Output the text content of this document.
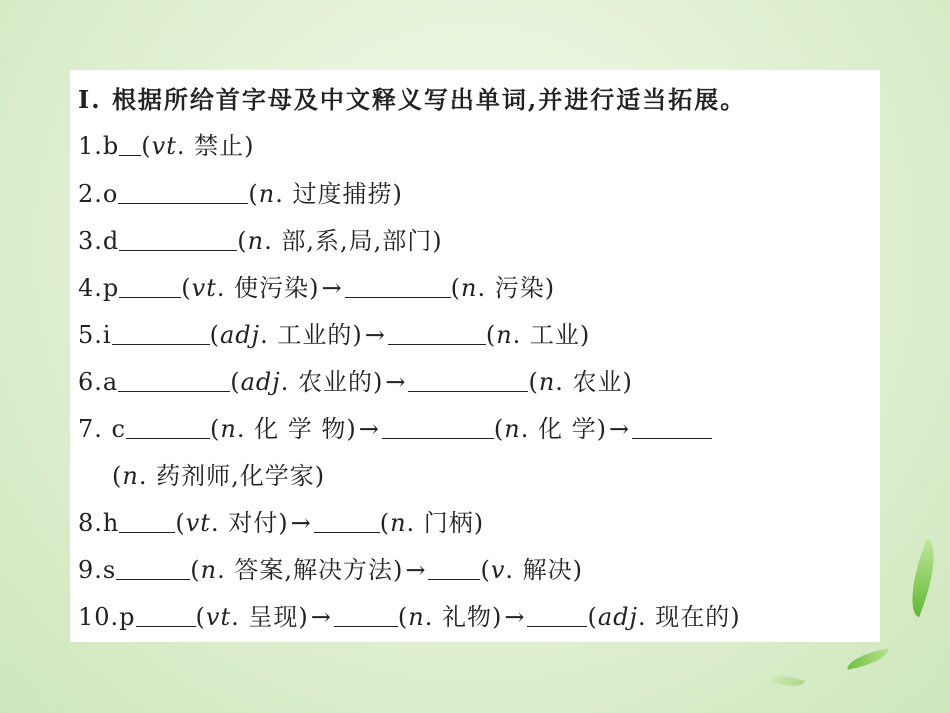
Ⅰ. 根据所给首字母及中文释义写出单词,并进行适当拓展。
1.b (vt. 禁止)
2.o	(n. 过度捕捞)
3.d	(n. 部,系,局,部门)
4.p	(vt. 使污染)→	(n. 污染)
5.i	(adj. 工业的)→	(n. 工业)
6.a	(adj. 农业的)→	(n. 农业)
7. c	(n. 化 学 物)→	(n. 化 学)→
(n. 药剂师,化学家)
8.h (vt. 对付)→	(n. 门柄)
9.s	(n. 答案,解决方法)→ (v. 解决)
10.p	(vt. 呈现)→	(n. 礼物)→	(adj. 现在的)
